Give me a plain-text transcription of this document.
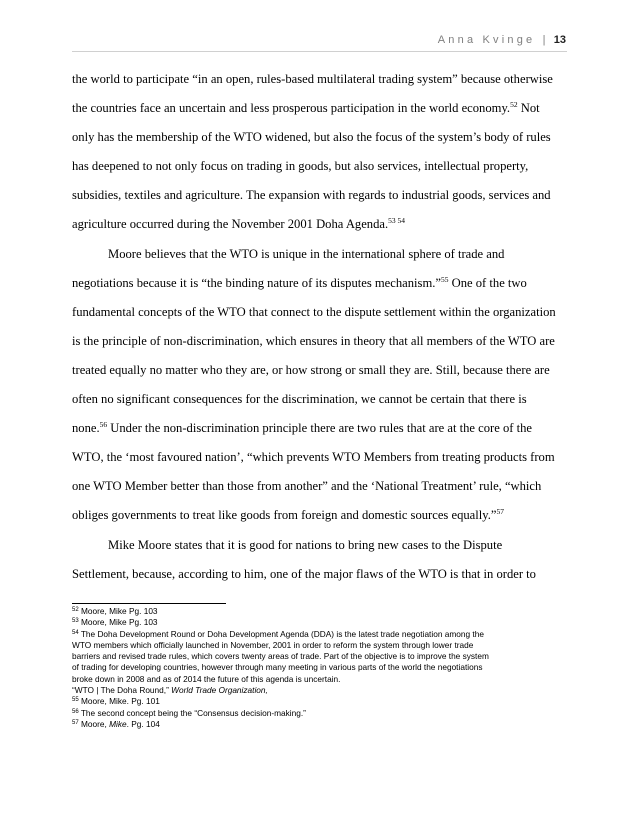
Anna Kvinge | 13
the world to participate “in an open, rules-based multilateral trading system” because otherwise
the countries face an uncertain and less prosperous participation in the world economy.$^{52}$ Not
only has the membership of the WTO widened, but also the focus of the system’s body of rules
has deepened to not only focus on trading in goods, but also services, intellectual property,
subsidies, textiles and agriculture. The expansion with regards to industrial goods, services and
agriculture occurred during the November 2001 Doha Agenda.$^{53 54}$
Moore believes that the WTO is unique in the international sphere of trade and
negotiations because it is “the binding nature of its disputes mechanism.”$^{55}$ One of the two
fundamental concepts of the WTO that connect to the dispute settlement within the organization
is the principle of non-discrimination, which ensures in theory that all members of the WTO are
treated equally no matter who they are, or how strong or small they are. Still, because there are
often no significant consequences for the discrimination, we cannot be certain that there is
none.$^{56}$ Under the non-discrimination principle there are two rules that are at the core of the
WTO, the ‘most favoured nation’, “which prevents WTO Members from treating products from
one WTO Member better than those from another” and the ‘National Treatment’ rule, “which
obliges governments to treat like goods from foreign and domestic sources equally.”$^{57}$
Mike Moore states that it is good for nations to bring new cases to the Dispute
Settlement, because, according to him, one of the major flaws of the WTO is that in order to
$^{52}$ Moore, Mike Pg. 103
$^{53}$ Moore, Mike Pg. 103
$^{54}$ The Doha Development Round or Doha Development Agenda (DDA) is the latest trade negotiation among the
WTO members which officially launched in November, 2001 in order to reform the system through lower trade
barriers and revised trade rules, which covers twenty areas of trade. Part of the objective is to improve the system
of trading for developing countries, however through many meeting in various parts of the world the negotiations
broke down in 2008 and as of 2014 the future of this agenda is uncertain.
“WTO | The Doha Round,” World Trade Organization,
$^{55}$ Moore, Mike. Pg. 101
$^{56}$ The second concept being the “Consensus decision-making.”
$^{57}$ Moore, Mike. Pg. 104
